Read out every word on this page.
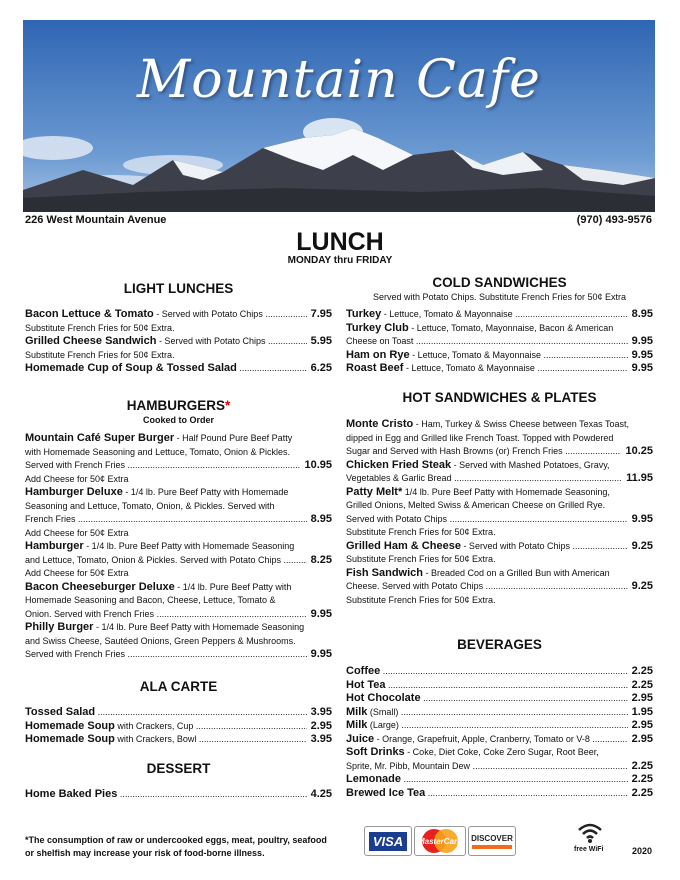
Mountain Cafe
226 West Mountain Avenue	(970) 493-9576
LUNCH
MONDAY thru FRIDAY
LIGHT LUNCHES
Bacon Lettuce & Tomato - Served with Potato Chips .....	7.95
Substitute French Fries for 50¢ Extra.
Grilled Cheese Sandwich - Served with Potato Chips .....	5.95
Substitute French Fries for 50¢ Extra.
Homemade Cup of Soup & Tossed Salad .....	6.25
HAMBURGERS*
Cooked to Order
Mountain Café Super Burger - Half Pound Pure Beef Patty
with Homemade Seasoning and Lettuce, Tomato, Onion & Pickles.
Served with French Fries .....	10.95
Add Cheese for 50¢ Extra
Hamburger Deluxe - 1/4 lb. Pure Beef Patty with Homemade
Seasoning and Lettuce, Tomato, Onion, & Pickles. Served with
French Fries .....	8.95
Add Cheese for 50¢ Extra
Hamburger - 1/4 lb. Pure Beef Patty with Homemade Seasoning
and Lettuce, Tomato, Onion & Pickles. Served with Potato Chips .....	8.25
Add Cheese for 50¢ Extra
Bacon Cheeseburger Deluxe - 1/4 lb. Pure Beef Patty with
Homemade Seasoning and Bacon, Cheese, Lettuce, Tomato &
Onion. Served with French Fries .....	9.95
Philly Burger - 1/4 lb. Pure Beef Patty with Homemade Seasoning
and Swiss Cheese, Sautéed Onions, Green Peppers & Mushrooms.
Served with French Fries .....	9.95
ALA CARTE
Tossed Salad .....	3.95
Homemade Soup with Crackers, Cup .....	2.95
Homemade Soup with Crackers, Bowl .....	3.95
DESSERT
Home Baked Pies .....	4.25
COLD SANDWICHES
Served with Potato Chips. Substitute French Fries for 50¢ Extra
Turkey - Lettuce, Tomato & Mayonnaise .....	8.95
Turkey Club - Lettuce, Tomato, Mayonnaise, Bacon & American
Cheese on Toast .....	9.95
Ham on Rye - Lettuce, Tomato & Mayonnaise .....	9.95
Roast Beef - Lettuce, Tomato & Mayonnaise .....	9.95
HOT SANDWICHES & PLATES
Monte Cristo - Ham, Turkey & Swiss Cheese between Texas Toast,
dipped in Egg and Grilled like French Toast. Topped with Powdered
Sugar and Served with Hash Browns (or) French Fries .....	10.25
Chicken Fried Steak - Served with Mashed Potatoes, Gravy,
Vegetables & Garlic Bread .....	11.95
Patty Melt* 1/4 lb. Pure Beef Patty with Homemade Seasoning,
Grilled Onions, Melted Swiss & American Cheese on Grilled Rye.
Served with Potato Chips .....	9.95
Substitute French Fries for 50¢ Extra.
Grilled Ham & Cheese - Served with Potato Chips .....	9.25
Substitute French Fries for 50¢ Extra.
Fish Sandwich - Breaded Cod on a Grilled Bun with American
Cheese. Served with Potato Chips .....	9.25
Substitute French Fries for 50¢ Extra.
BEVERAGES
Coffee .....	2.25
Hot Tea .....	2.25
Hot Chocolate .....	2.95
Milk (Small) .....	1.95
Milk (Large) .....	2.95
Juice - Orange, Grapefruit, Apple, Cranberry, Tomato or V-8 .....	2.95
Soft Drinks - Coke, Diet Coke, Coke Zero Sugar, Root Beer,
Sprite, Mr. Pibb, Mountain Dew .....	2.25
Lemonade .....	2.25
Brewed Ice Tea .....	2.25
*The consumption of raw or undercooked eggs, meat, poultry, seafood
or shelfish may increase your risk of food-borne illness.
VISA	MasterCard DISCOVER
free WiFi	2020
